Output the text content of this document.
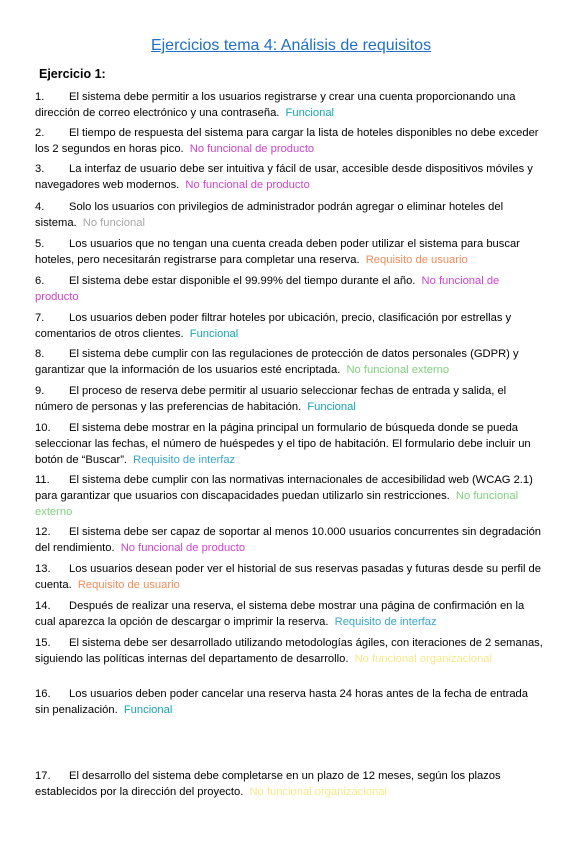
Ejercicios tema 4: Análisis de requisitos
Ejercicio 1:
1. El sistema debe permitir a los usuarios registrarse y crear una cuenta proporcionando una dirección de correo electrónico y una contraseña. Funcional
2. El tiempo de respuesta del sistema para cargar la lista de hoteles disponibles no debe exceder los 2 segundos en horas pico. No funcional de producto
3. La interfaz de usuario debe ser intuitiva y fácil de usar, accesible desde dispositivos móviles y navegadores web modernos. No funcional de producto
4. Solo los usuarios con privilegios de administrador podrán agregar o eliminar hoteles del sistema. No funcional
5. Los usuarios que no tengan una cuenta creada deben poder utilizar el sistema para buscar hoteles, pero necesitarán registrarse para completar una reserva. Requisito de usuario
6. El sistema debe estar disponible el 99.99% del tiempo durante el año. No funcional de producto
7. Los usuarios deben poder filtrar hoteles por ubicación, precio, clasificación por estrellas y comentarios de otros clientes. Funcional
8. El sistema debe cumplir con las regulaciones de protección de datos personales (GDPR) y garantizar que la información de los usuarios esté encriptada. No funcional externo
9. El proceso de reserva debe permitir al usuario seleccionar fechas de entrada y salida, el número de personas y las preferencias de habitación. Funcional
10. El sistema debe mostrar en la página principal un formulario de búsqueda donde se pueda seleccionar las fechas, el número de huéspedes y el tipo de habitación. El formulario debe incluir un botón de “Buscar”. Requisito de interfaz
11. El sistema debe cumplir con las normativas internacionales de accesibilidad web (WCAG 2.1) para garantizar que usuarios con discapacidades puedan utilizarlo sin restricciones. No funcional externo
12. El sistema debe ser capaz de soportar al menos 10.000 usuarios concurrentes sin degradación del rendimiento. No funcional de producto
13. Los usuarios desean poder ver el historial de sus reservas pasadas y futuras desde su perfil de cuenta. Requisito de usuario
14. Después de realizar una reserva, el sistema debe mostrar una página de confirmación en la cual aparezca la opción de descargar o imprimir la reserva. Requisito de interfaz
15. El sistema debe ser desarrollado utilizando metodologías ágiles, con iteraciones de 2 semanas, siguiendo las políticas internas del departamento de desarrollo. No funcional organizacional
16. Los usuarios deben poder cancelar una reserva hasta 24 horas antes de la fecha de entrada sin penalización. Funcional
17. El desarrollo del sistema debe completarse en un plazo de 12 meses, según los plazos establecidos por la dirección del proyecto. No funcional organizacional
